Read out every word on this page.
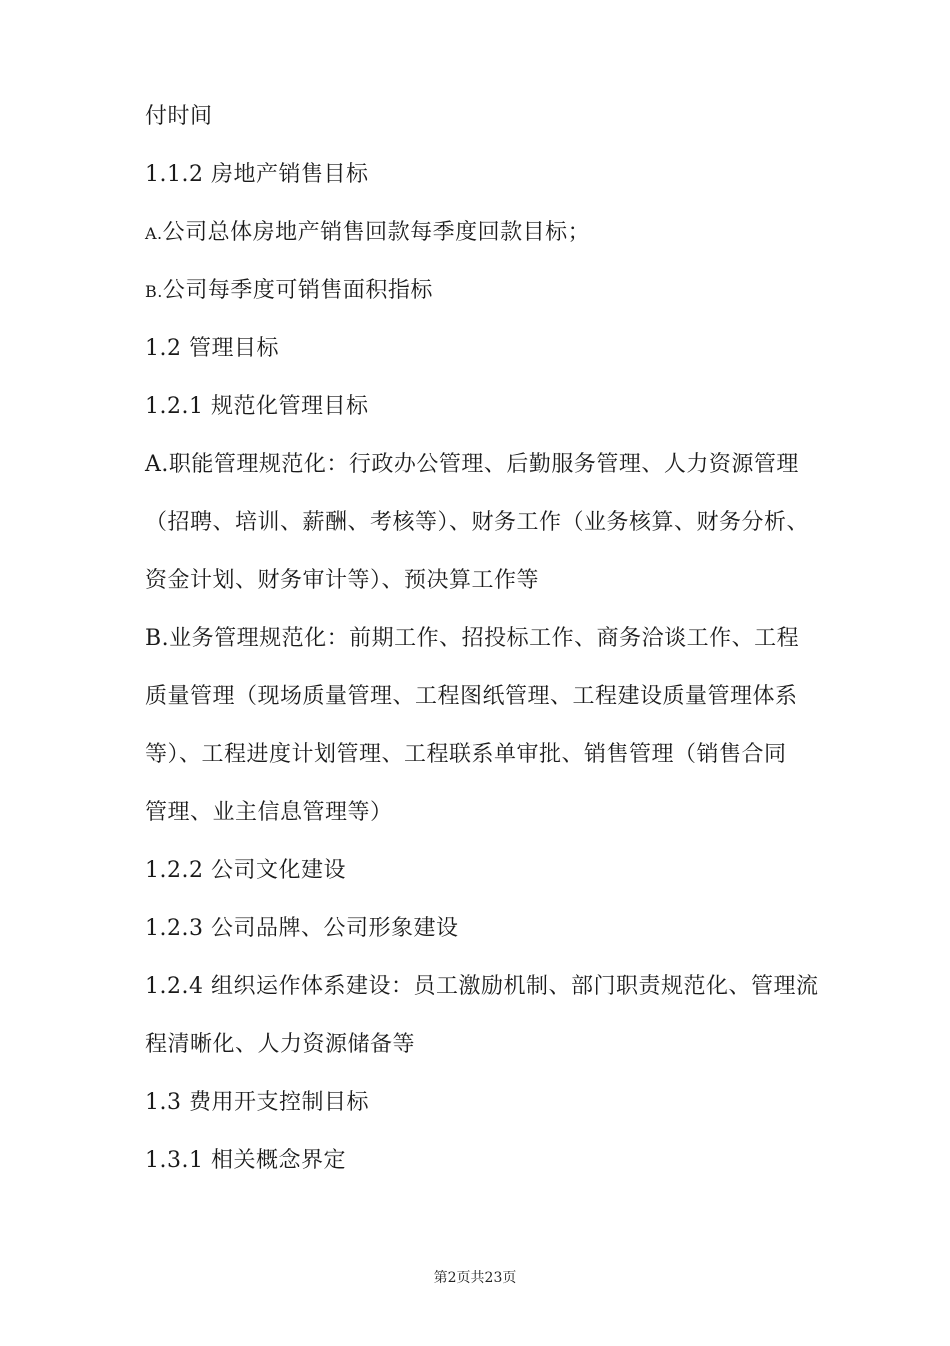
付时间
1.1.2 房地产销售目标
A.公司总体房地产销售回款每季度回款目标；
B.公司每季度可销售面积指标
1.2 管理目标
1.2.1 规范化管理目标
A.职能管理规范化：行政办公管理、后勤服务管理、人力资源管理
（招聘、培训、薪酬、考核等）、财务工作（业务核算、财务分析、
资金计划、财务审计等）、预决算工作等
B.业务管理规范化：前期工作、招投标工作、商务洽谈工作、工程
质量管理（现场质量管理、工程图纸管理、工程建设质量管理体系
等）、工程进度计划管理、工程联系单审批、销售管理（销售合同
管理、业主信息管理等）
1.2.2 公司文化建设
1.2.3 公司品牌、公司形象建设
1.2.4 组织运作体系建设：员工激励机制、部门职责规范化、管理流
程清晰化、人力资源储备等
1.3 费用开支控制目标
1.3.1 相关概念界定
第2页共23页
